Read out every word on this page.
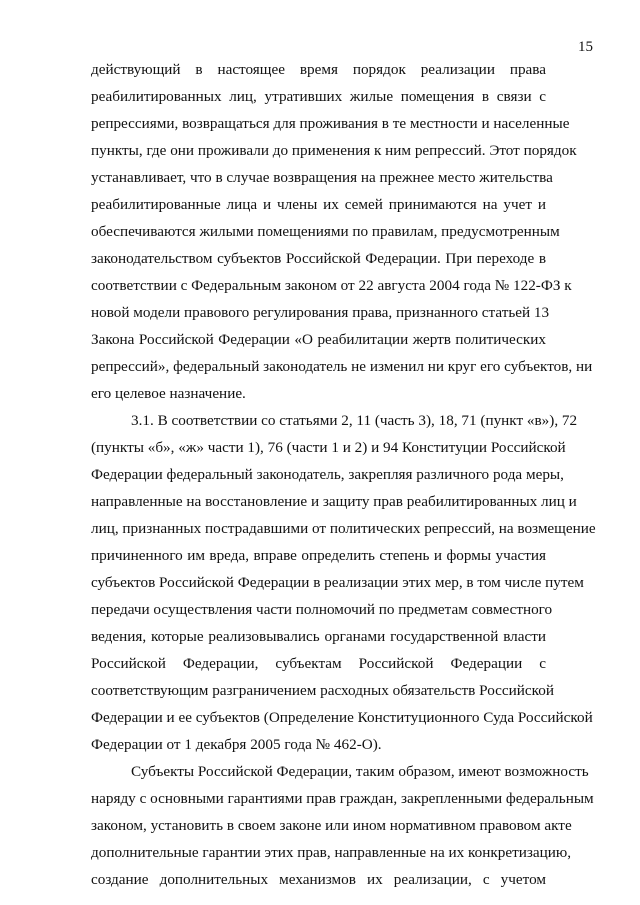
15
действующий в настоящее время порядок реализации права
реабилитированных лиц, утративших жилые помещения в связи с
репрессиями, возвращаться для проживания в те местности и населенные
пункты, где они проживали до применения к ним репрессий. Этот порядок
устанавливает, что в случае возвращения на прежнее место жительства
реабилитированные лица и члены их семей принимаются на учет и
обеспечиваются жилыми помещениями по правилам, предусмотренным
законодательством субъектов Российской Федерации. При переходе в
соответствии с Федеральным законом от 22 августа 2004 года № 122-ФЗ к
новой модели правового регулирования права, признанного статьей 13
Закона Российской Федерации «О реабилитации жертв политических
репрессий», федеральный законодатель не изменил ни круг его субъектов, ни
его целевое назначение.
3.1. В соответствии со статьями 2, 11 (часть 3), 18, 71 (пункт «в»), 72
(пункты «б», «ж» части 1), 76 (части 1 и 2) и 94 Конституции Российской
Федерации федеральный законодатель, закрепляя различного рода меры,
направленные на восстановление и защиту прав реабилитированных лиц и
лиц, признанных пострадавшими от политических репрессий, на возмещение
причиненного им вреда, вправе определить степень и формы участия
субъектов Российской Федерации в реализации этих мер, в том числе путем
передачи осуществления части полномочий по предметам совместного
ведения, которые реализовывались органами государственной власти
Российской Федерации, субъектам Российской Федерации с
соответствующим разграничением расходных обязательств Российской
Федерации и ее субъектов (Определение Конституционного Суда Российской
Федерации от 1 декабря 2005 года № 462-О).
Субъекты Российской Федерации, таким образом, имеют возможность
наряду с основными гарантиями прав граждан, закрепленными федеральным
законом, установить в своем законе или ином нормативном правовом акте
дополнительные гарантии этих прав, направленные на их конкретизацию,
создание дополнительных механизмов их реализации, с учетом
